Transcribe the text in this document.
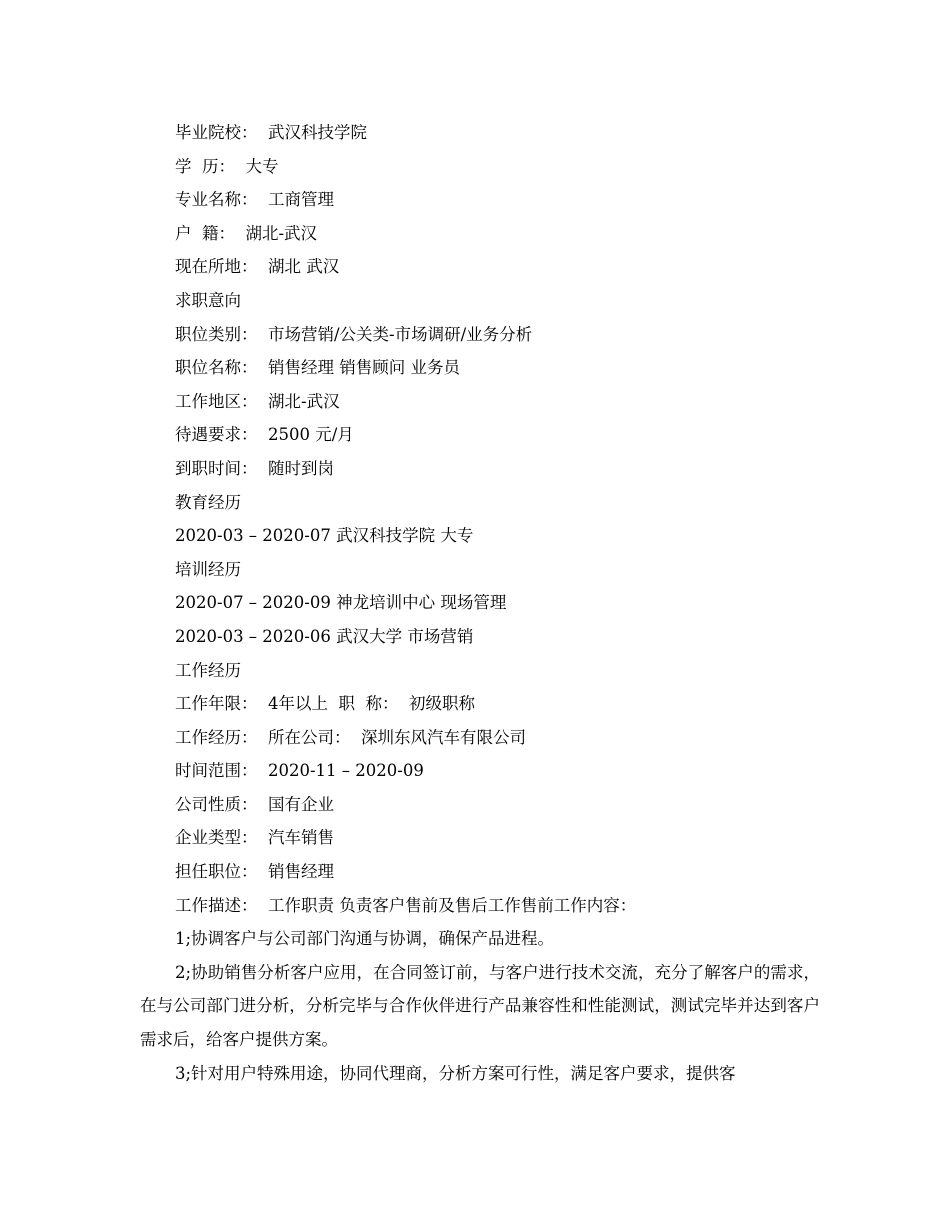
毕业院校：  武汉科技学院
学  历：  大专
专业名称：  工商管理
户  籍：  湖北-武汉
现在所地：  湖北 武汉
求职意向
职位类别：  市场营销/公关类-市场调研/业务分析
职位名称：  销售经理 销售顾问 业务员
工作地区：  湖北-武汉
待遇要求：  2500 元/月
到职时间：  随时到岗
教育经历
2020-03 – 2020-07 武汉科技学院 大专
培训经历
2020-07 – 2020-09 神龙培训中心 现场管理
2020-03 – 2020-06 武汉大学 市场营销
工作经历
工作年限：  4年以上  职  称：  初级职称
工作经历：  所在公司：  深圳东风汽车有限公司
时间范围：  2020-11 – 2020-09
公司性质：  国有企业
企业类型：  汽车销售
担任职位：  销售经理
工作描述：  工作职责 负责客户售前及售后工作售前工作内容：

1;协调客户与公司部门沟通与协调，确保产品进程。

2;协助销售分析客户应用，在合同签订前，与客户进行技术交流，充分了解客户的需求，在与公司部门进分析，分析完毕与合作伙伴进行产品兼容性和性能测试，测试完毕并达到客户需求后，给客户提供方案。

3;针对用户特殊用途，协同代理商，分析方案可行性，满足客户要求，提供客
